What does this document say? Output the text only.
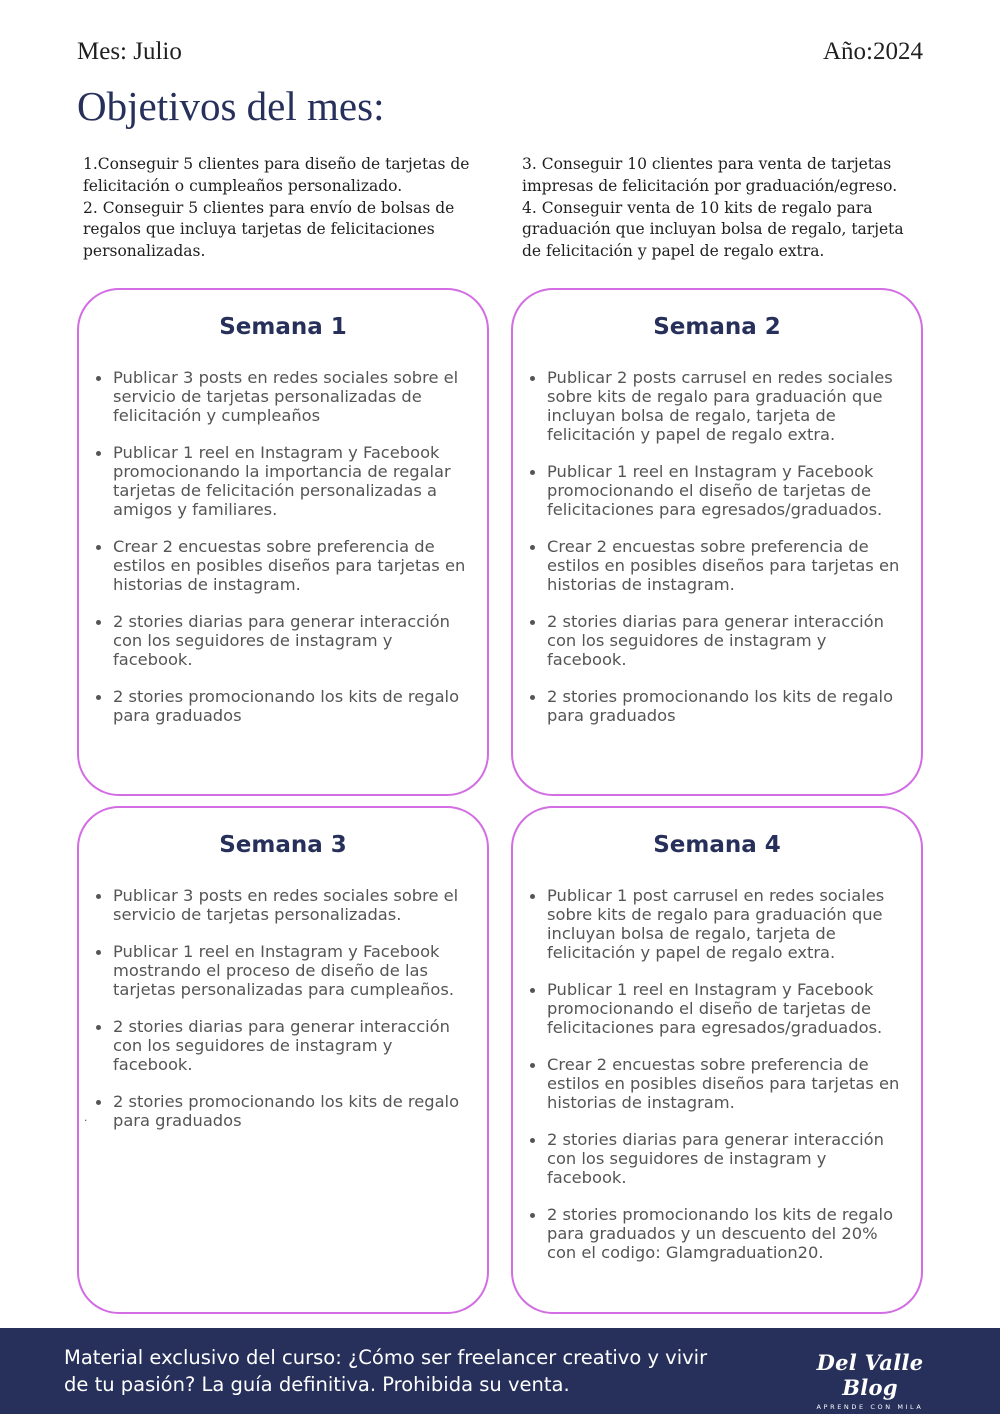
Mes: Julio	Año:2024
Objetivos del mes:

1.Conseguir 5 clientes para diseño de tarjetas de felicitación o cumpleaños personalizado.

2. Conseguir 5 clientes para envío de bolsas de regalos que incluya tarjetas de felicitaciones personalizadas.

3. Conseguir 10 clientes para venta de tarjetas impresas de felicitación por graduación/egreso.

4. Conseguir venta de 10 kits de regalo para graduación que incluyan bolsa de regalo, tarjeta de felicitación y papel de regalo extra.

Semana 1
Publicar 3 posts en redes sociales sobre el servicio de tarjetas personalizadas de felicitación y cumpleaños
Publicar 1 reel en Instagram y Facebook promocionando la importancia de regalar tarjetas de felicitación personalizadas a amigos y familiares.
Crear 2 encuestas sobre preferencia de estilos en posibles diseños para tarjetas en historias de instagram.
2 stories diarias para generar interacción con los seguidores de instagram y facebook.
2 stories promocionando los kits de regalo para graduados
Semana 2
Publicar 2 posts carrusel en redes sociales sobre kits de regalo para graduación que incluyan bolsa de regalo, tarjeta de felicitación y papel de regalo extra.
Publicar 1 reel en Instagram y Facebook promocionando el diseño de tarjetas de felicitaciones para egresados/graduados.
Crear 2 encuestas sobre preferencia de estilos en posibles diseños para tarjetas en historias de instagram.
2 stories diarias para generar interacción con los seguidores de instagram y facebook.
2 stories promocionando los kits de regalo para graduados
Semana 3
Publicar 3 posts en redes sociales sobre el servicio de tarjetas personalizadas.
Publicar 1 reel en Instagram y Facebook mostrando el proceso de diseño de las tarjetas personalizadas para cumpleaños.
2 stories diarias para generar interacción con los seguidores de instagram y facebook.
2 stories promocionando los kits de regalo para graduados
.
Semana 4
Publicar 1 post carrusel en redes sociales sobre kits de regalo para graduación que incluyan bolsa de regalo, tarjeta de felicitación y papel de regalo extra.
Publicar 1 reel en Instagram y Facebook promocionando el diseño de tarjetas de felicitaciones para egresados/graduados.
Crear 2 encuestas sobre preferencia de estilos en posibles diseños para tarjetas en historias de instagram.
2 stories diarias para generar interacción con los seguidores de instagram y facebook.
2 stories promocionando los kits de regalo para graduados y un descuento del 20% con el codigo: Glamgraduation20.
Material exclusivo del curso: ¿Cómo ser freelancer creativo y vivir de tu pasión? La guía definitiva. Prohibida su venta.
Del Valle Blog
APRENDE CON MILA
